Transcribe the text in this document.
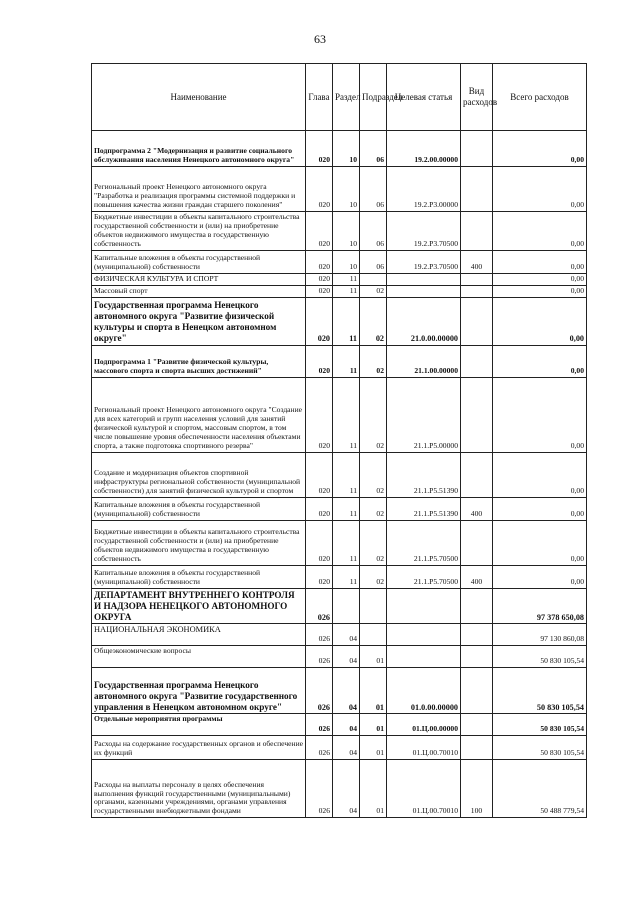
63
Наименование	Глава	Раздел	Подраздел	Целевая статья	Вид расходов	Всего расходов
Подпрограмма 2 "Модернизация и развитие социального обслуживания населения Ненецкого автономного округа"	020	10	06	19.2.00.00000		0,00
Региональный проект Ненецкого автономного округа "Разработка и реализация программы системной поддержки и повышения качества жизни граждан старшего поколения"	020	10	06	19.2.Р3.00000		0,00
Бюджетные инвестиции в объекты капитального строительства государственной собственности и (или) на приобретение объектов недвижимого имущества в государственную собственность	020	10	06	19.2.Р3.70500		0,00
Капитальные вложения в объекты государственной (муниципальной) собственности	020	10	06	19.2.Р3.70500	400	0,00
ФИЗИЧЕСКАЯ КУЛЬТУРА И СПОРТ	020	11				0,00
Массовый спорт	020	11	02			0,00
Государственная программа Ненецкого автономного округа "Развитие физической культуры и спорта в Ненецком автономном округе"	020	11	02	21.0.00.00000		0,00
Подпрограмма 1 "Развитие физической культуры, массового спорта и спорта высших достижений"	020	11	02	21.1.00.00000		0,00
Региональный проект Ненецкого автономного округа "Создание для всех категорий и групп населения условий для занятий физической культурой и спортом, массовым спортом, в том числе повышение уровня обеспеченности населения объектами спорта, а также подготовка спортивного резерва"	020	11	02	21.1.Р5.00000		0,00
Создание и модернизация объектов спортивной инфраструктуры региональной собственности (муниципальной собственности) для занятий физической культурой и спортом	020	11	02	21.1.Р5.51390		0,00
Капитальные вложения в объекты государственной (муниципальной) собственности	020	11	02	21.1.Р5.51390	400	0,00
Бюджетные инвестиции в объекты капитального строительства государственной собственности и (или) на приобретение объектов недвижимого имущества в государственную собственность	020	11	02	21.1.Р5.70500		0,00
Капитальные вложения в объекты государственной (муниципальной) собственности	020	11	02	21.1.Р5.70500	400	0,00
ДЕПАРТАМЕНТ ВНУТРЕННЕГО КОНТРОЛЯ И НАДЗОРА НЕНЕЦКОГО АВТОНОМНОГО ОКРУГА	026					97 378 650,08
НАЦИОНАЛЬНАЯ ЭКОНОМИКА	026	04				97 130 860,08
Общеэкономические вопросы	026	04	01			50 830 105,54
Государственная программа Ненецкого автономного округа "Развитие государственного управления в Ненецком автономном округе"	026	04	01	01.0.00.00000		50 830 105,54
Отдельные мероприятия программы	026	04	01	01.Ц.00.00000		50 830 105,54
Расходы на содержание государственных органов и обеспечение их функций	026	04	01	01.Ц.00.70010		50 830 105,54
Расходы на выплаты персоналу в целях обеспечения выполнения функций государственными (муниципальными) органами, казенными учреждениями, органами управления государственными внебюджетными фондами	026	04	01	01.Ц.00.70010	100	50 488 779,54
